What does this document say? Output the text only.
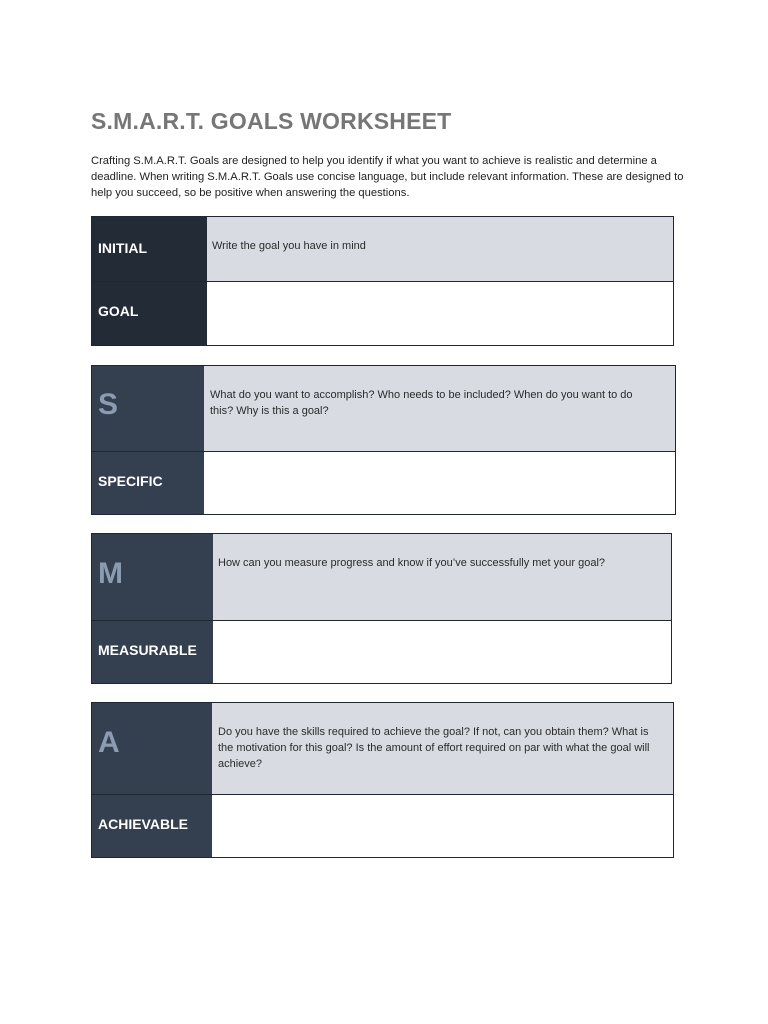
S.M.A.R.T. GOALS WORKSHEET
Crafting S.M.A.R.T. Goals are designed to help you identify if what you want to achieve is realistic and determine a deadline. When writing S.M.A.R.T. Goals use concise language, but include relevant information. These are designed to help you succeed, so be positive when answering the questions.
INITIAL
GOAL
Write the goal you have in mind
S
SPECIFIC
What do you want to accomplish? Who needs to be included? When do you want to do this? Why is this a goal?
M
MEASURABLE
How can you measure progress and know if you’ve successfully met your goal?
A
ACHIEVABLE
Do you have the skills required to achieve the goal? If not, can you obtain them? What is the motivation for this goal? Is the amount of effort required on par with what the goal will achieve?
